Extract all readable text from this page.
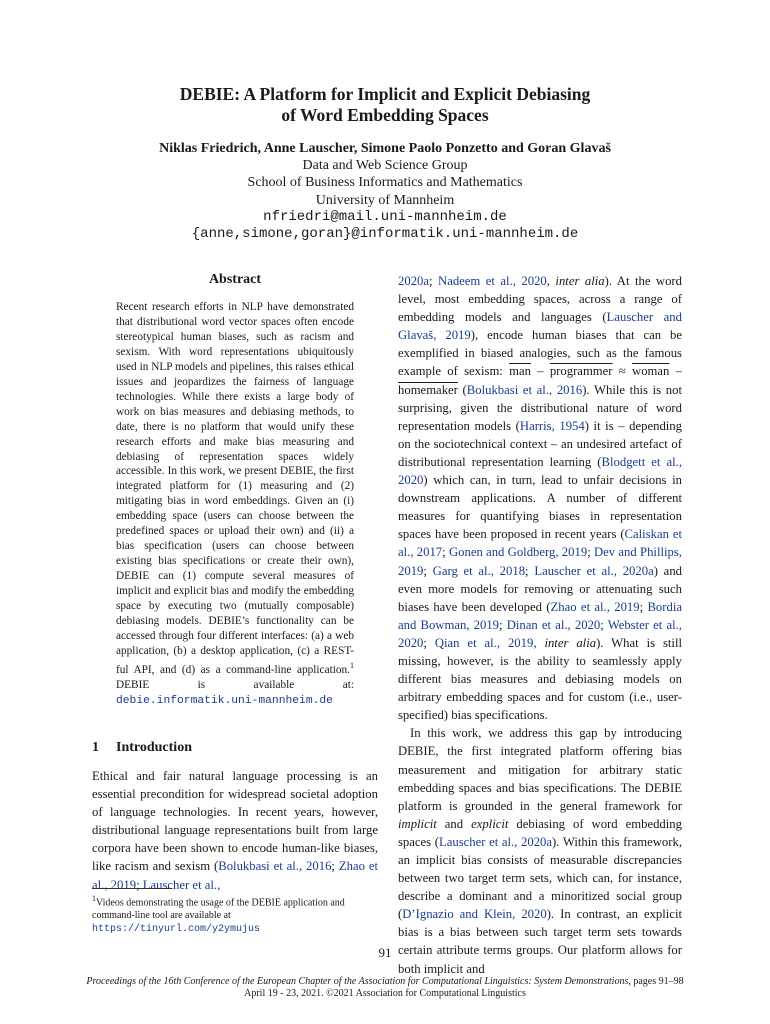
DEBIE: A Platform for Implicit and Explicit Debiasing
of Word Embedding Spaces
Niklas Friedrich, Anne Lauscher, Simone Paolo Ponzetto and Goran Glavaš
Data and Web Science Group
School of Business Informatics and Mathematics
University of Mannheim
nfriedri@mail.uni-mannheim.de
{anne,simone,goran}@informatik.uni-mannheim.de
Abstract
Recent research efforts in NLP have demonstrated that distributional word vector spaces often encode stereotypical human biases, such as racism and sexism. With word representations ubiquitously used in NLP models and pipelines, this raises ethical issues and jeopardizes the fairness of language technologies. While there exists a large body of work on bias measures and debiasing methods, to date, there is no platform that would unify these research efforts and make bias measuring and debiasing of representation spaces widely accessible. In this work, we present DEBIE, the first integrated platform for (1) measuring and (2) mitigating bias in word embeddings. Given an (i) embedding space (users can choose between the predefined spaces or upload their own) and (ii) a bias specification (users can choose between existing bias specifications or create their own), DEBIE can (1) compute several measures of implicit and explicit bias and modify the embedding space by executing two (mutually composable) debiasing models. DEBIE’s functionality can be accessed through four different interfaces: (a) a web application, (b) a desktop application, (c) a REST-ful API, and (d) as a command-line application.$^1$ DEBIE is available at: debie.informatik.uni-mannheim.de
1 Introduction
Ethical and fair natural language processing is an essential precondition for widespread societal adoption of language technologies. In recent years, however, distributional language representations built from large corpora have been shown to encode human-like biases, like racism and sexism (Bolukbasi et al., 2016; Zhao et al., 2019; Lauscher et al.,
$^1$Videos demonstrating the usage of the DEBIE application and command-line tool are available at https://tinyurl.com/y2ymujus

2020a; Nadeem et al., 2020, inter alia). At the word level, most embedding spaces, across a range of embedding models and languages (Lauscher and Glavaš, 2019), encode human biases that can be exemplified in biased analogies, such as the famous example of sexism: $\overline{man}$ – programmer ≈ woman – homemaker (Bolukbasi et al., 2016). While this is not surprising, given the distributional nature of word representation models (Harris, 1954) it is – depending on the sociotechnical context – an undesired artefact of distributional representation learning (Blodgett et al., 2020) which can, in turn, lead to unfair decisions in downstream applications. A number of different measures for quantifying biases in representation spaces have been proposed in recent years (Caliskan et al., 2017; Gonen and Goldberg, 2019; Dev and Phillips, 2019; Garg et al., 2018; Lauscher et al., 2020a) and even more models for removing or attenuating such biases have been developed (Zhao et al., 2019; Bordia and Bowman, 2019; Dinan et al., 2020; Webster et al., 2020; Qian et al., 2019, inter alia). What is still missing, however, is the ability to seamlessly apply different bias measures and debiasing models on arbitrary embedding spaces and for custom (i.e., user-specified) bias specifications.

In this work, we address this gap by introducing DEBIE, the first integrated platform offering bias measurement and mitigation for arbitrary static embedding spaces and bias specifications. The DEBIE platform is grounded in the general framework for implicit and explicit debiasing of word embedding spaces (Lauscher et al., 2020a). Within this framework, an implicit bias consists of measurable discrepancies between two target term sets, which can, for instance, describe a dominant and a minoritized social group (D’Ignazio and Klein, 2020). In contrast, an explicit bias is a bias between such target term sets towards certain attribute terms groups. Our platform allows for both implicit and

91
Proceedings of the 16th Conference of the European Chapter of the Association for Computational Linguistics: System Demonstrations, pages 91–98
April 19 - 23, 2021. ©2021 Association for Computational Linguistics
